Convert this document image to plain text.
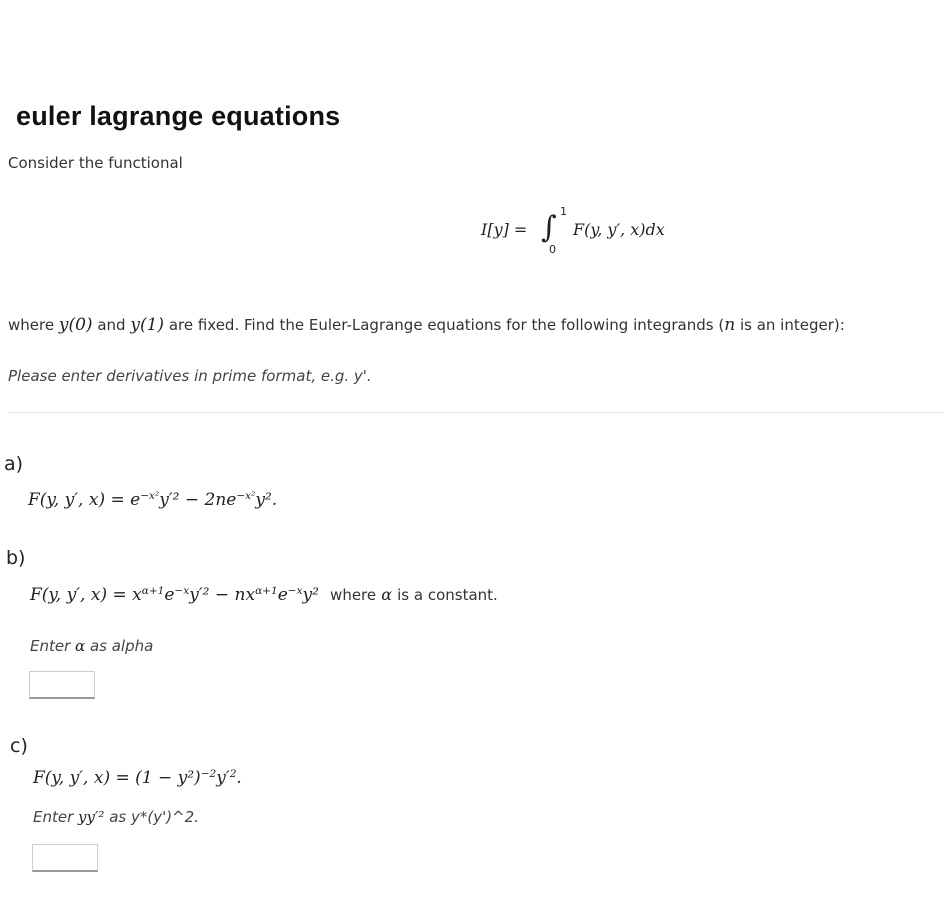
euler lagrange equations
Consider the functional
I[y] = ∫ 1
0
F(y, y′, x)dx
where y(0) and y(1) are fixed. Find the Euler-Lagrange equations for the following integrands (n is an integer):
Please enter derivatives in prime format, e.g. y'.
a)
F(y, y′, $x) = e^{-x^2}y'^2 - 2ne^{-x^2}y^2$.
b)
F(y, y′, $x) = x^{\alpha+1}e^{-x}y'^2 - nx^{\alpha+1}e^{-x}y^2$ where α is a constant.
Enter α as alpha
c)
F(y, y′, $x) = (1 - y^2)^{-2}y'^2$.
Enter yy′² as y*(y')^2.
